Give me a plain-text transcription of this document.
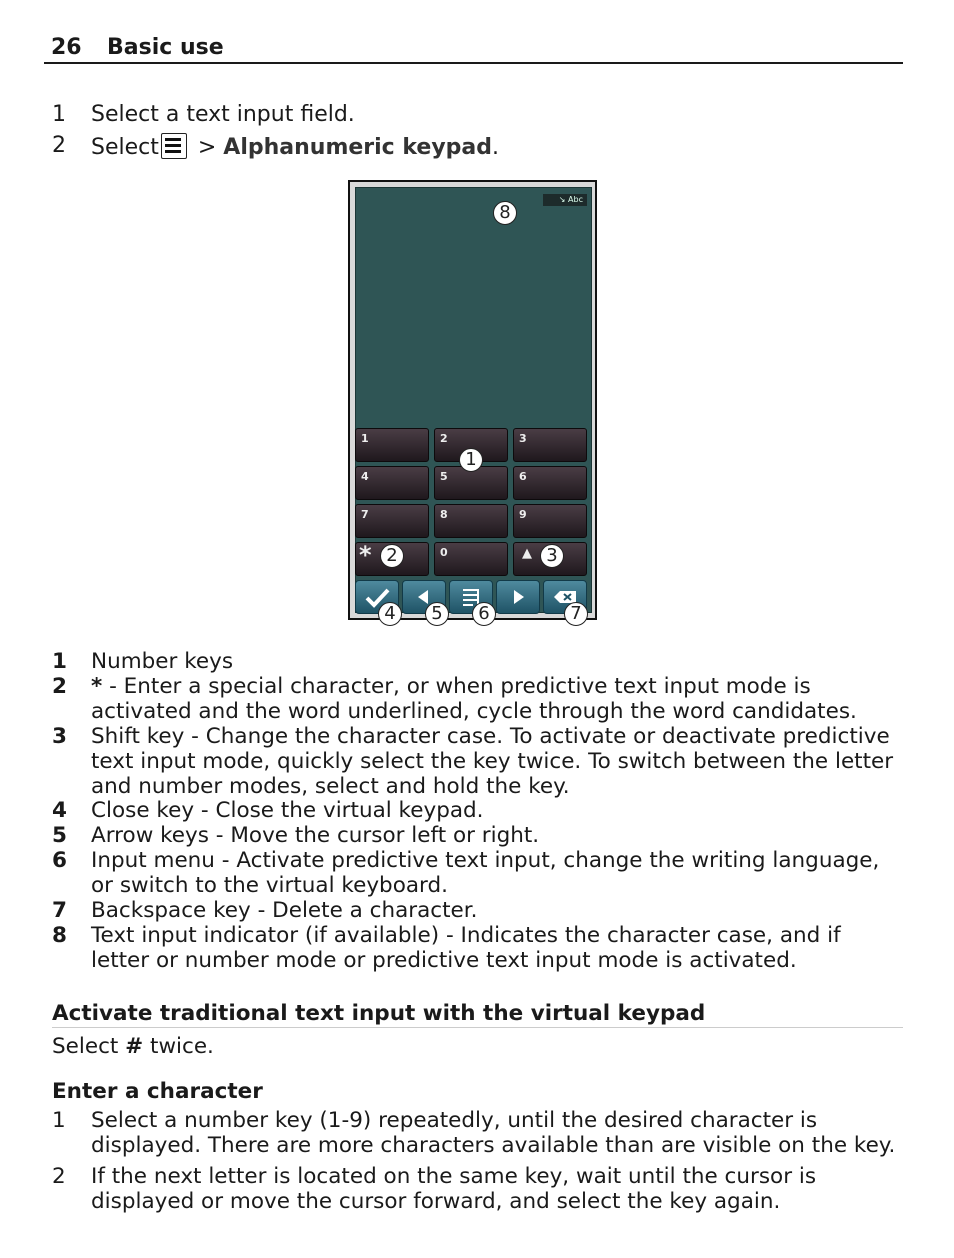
26 Basic use
1	Select a text input field.
2	Select
> Alphanumeric keypad.
↘ Abc
1	2	3
4	5	6
7	8	9
*	0	▲
1
2	3
4	5	6	7
8
1 Number keys
2 * - Enter a special character, or when predictive text input mode is activated and the word underlined, cycle through the word candidates.
3 Shift key - Change the character case. To activate or deactivate predictive text input mode, quickly select the key twice. To switch between the letter and number modes, select and hold the key.
4 Close key - Close the virtual keypad.
5 Arrow keys - Move the cursor left or right.
6 Input menu - Activate predictive text input, change the writing language, or switch to the virtual keyboard.
7 Backspace key - Delete a character.
8 Text input indicator (if available) - Indicates the character case, and if letter or number mode or predictive text input mode is activated.
Activate traditional text input with the virtual keypad
Select # twice.
Enter a character
1	Select a number key (1-9) repeatedly, until the desired character is displayed. There are more characters available than are visible on the key.
2	If the next letter is located on the same key, wait until the cursor is displayed or move the cursor forward, and select the key again.
